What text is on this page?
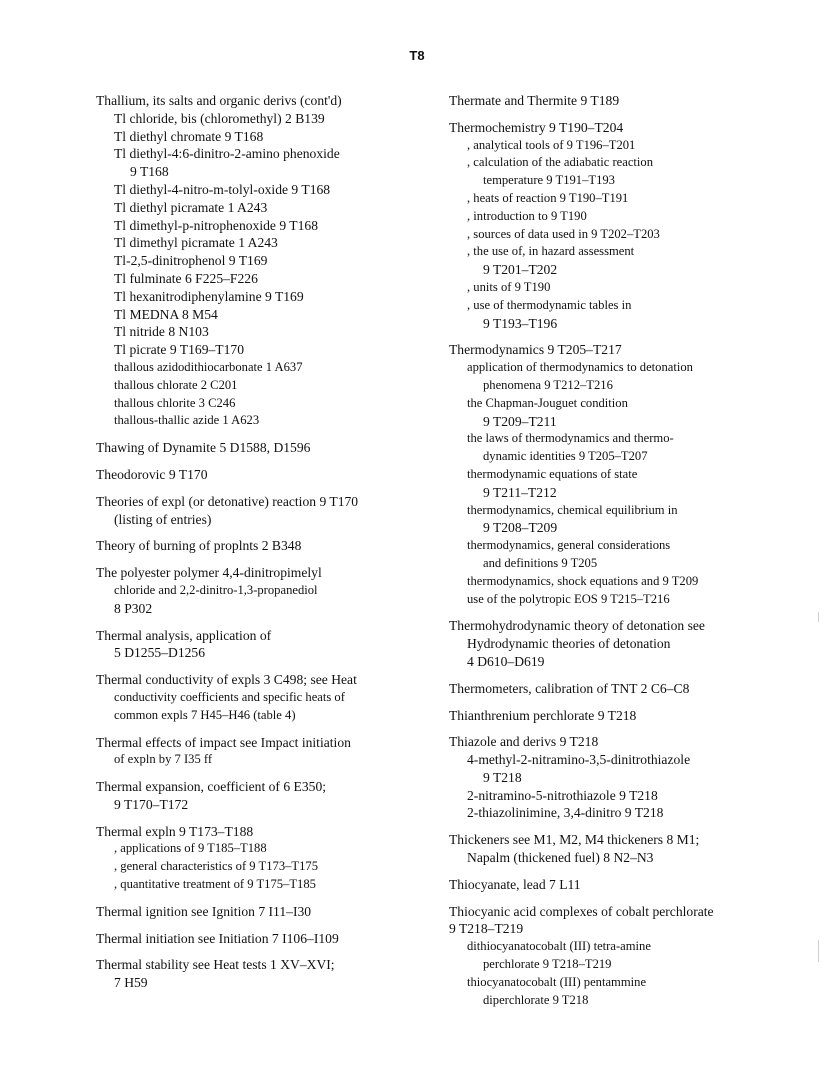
T8
Thallium, its salts and organic derivs (cont'd)
Tl chloride, bis (chloromethyl) 2 B139
Tl diethyl chromate 9 T168
Tl diethyl-4:6-dinitro-2-amino phenoxide
9 T168
Tl diethyl-4-nitro-m-tolyl-oxide 9 T168
Tl diethyl picramate 1 A243
Tl dimethyl-p-nitrophenoxide 9 T168
Tl dimethyl picramate 1 A243
Tl-2,5-dinitrophenol 9 T169
Tl fulminate 6 F225–F226
Tl hexanitrodiphenylamine 9 T169
Tl MEDNA 8 M54
Tl nitride 8 N103
Tl picrate 9 T169–T170
thallous azidodithiocarbonate 1 A637
thallous chlorate 2 C201
thallous chlorite 3 C246
thallous-thallic azide 1 A623
Thawing of Dynamite 5 D1588, D1596
Theodorovic 9 T170
Theories of expl (or detonative) reaction 9 T170
(listing of entries)
Theory of burning of proplnts 2 B348
The polyester polymer 4,4-dinitropimelyl
chloride and 2,2-dinitro-1,3-propanediol
8 P302
Thermal analysis, application of
5 D1255–D1256
Thermal conductivity of expls 3 C498; see Heat
conductivity coefficients and specific heats of
common expls 7 H45–H46 (table 4)
Thermal effects of impact see Impact initiation
of expln by 7 I35 ff
Thermal expansion, coefficient of 6 E350;
9 T170–T172
Thermal expln 9 T173–T188
, applications of 9 T185–T188
, general characteristics of 9 T173–T175
, quantitative treatment of 9 T175–T185
Thermal ignition see Ignition 7 I11–I30
Thermal initiation see Initiation 7 I106–I109
Thermal stability see Heat tests 1 XV–XVI;
7 H59
Thermate and Thermite 9 T189
Thermochemistry 9 T190–T204
, analytical tools of 9 T196–T201
, calculation of the adiabatic reaction
temperature 9 T191–T193
, heats of reaction 9 T190–T191
, introduction to 9 T190
, sources of data used in 9 T202–T203
, the use of, in hazard assessment
9 T201–T202
, units of 9 T190
, use of thermodynamic tables in
9 T193–T196
Thermodynamics 9 T205–T217
application of thermodynamics to detonation
phenomena 9 T212–T216
the Chapman-Jouguet condition
9 T209–T211
the laws of thermodynamics and thermo-
dynamic identities 9 T205–T207
thermodynamic equations of state
9 T211–T212
thermodynamics, chemical equilibrium in
9 T208–T209
thermodynamics, general considerations
and definitions 9 T205
thermodynamics, shock equations and 9 T209
use of the polytropic EOS 9 T215–T216
Thermohydrodynamic theory of detonation see
Hydrodynamic theories of detonation
4 D610–D619
Thermometers, calibration of TNT 2 C6–C8
Thianthrenium perchlorate 9 T218
Thiazole and derivs 9 T218
4-methyl-2-nitramino-3,5-dinitrothiazole
9 T218
2-nitramino-5-nitrothiazole 9 T218
2-thiazolinimine, 3,4-dinitro 9 T218
Thickeners see M1, M2, M4 thickeners 8 M1;
Napalm (thickened fuel) 8 N2–N3
Thiocyanate, lead 7 L11
Thiocyanic acid complexes of cobalt perchlorate
9 T218–T219
dithiocyanatocobalt (III) tetra-amine
perchlorate 9 T218–T219
thiocyanatocobalt (III) pentammine
diperchlorate 9 T218
